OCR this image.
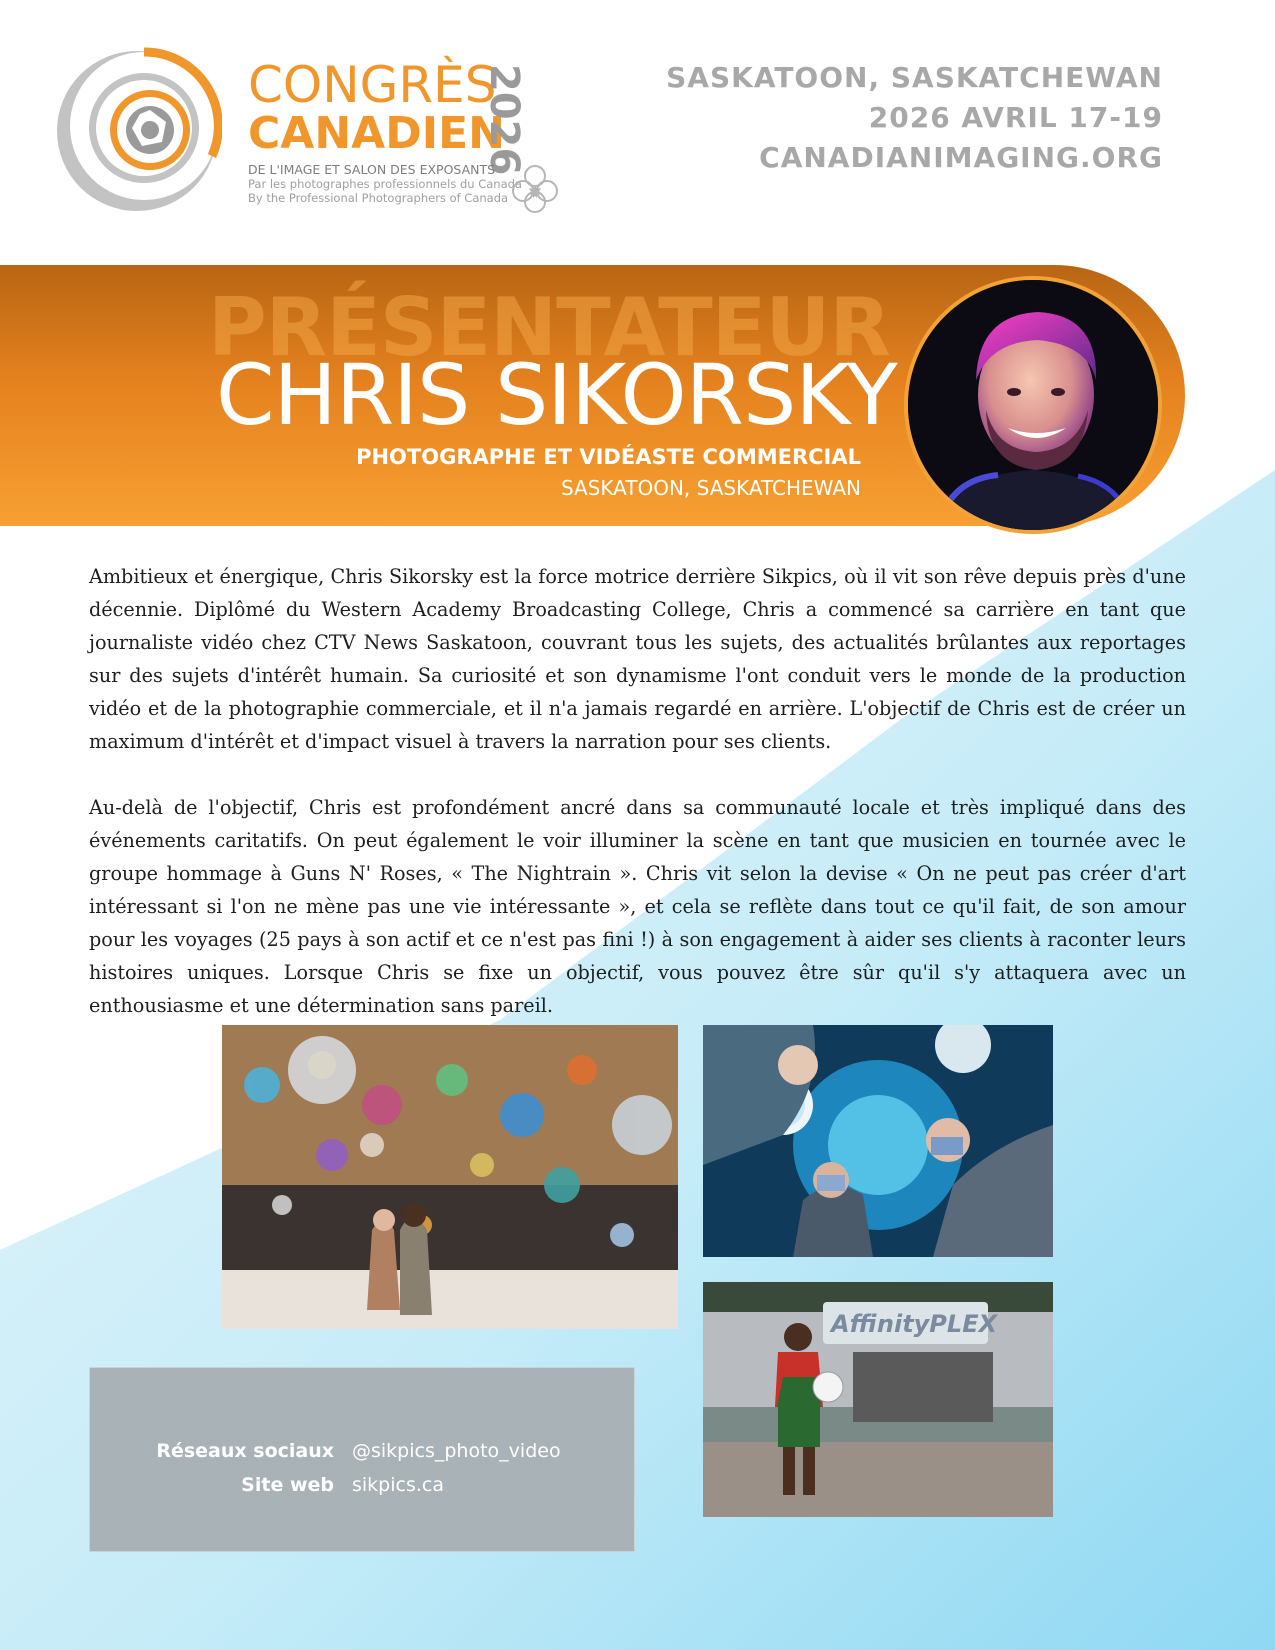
CONGRÈS
CANADIEN
2026
DE L'IMAGE ET SALON DES EXPOSANTS
Par les photographes professionnels du Canada
By the Professional Photographers of Canada
SASKATOON, SASKATCHEWAN
2026 AVRIL 17-19
CANADIANIMAGING.ORG
PRÉSENTATEUR
CHRIS SIKORSKY
PHOTOGRAPHE ET VIDÉASTE COMMERCIAL
SASKATOON, SASKATCHEWAN

Ambitieux et énergique, Chris Sikorsky est la force motrice derrière Sikpics, où il vit son rêve depuis près d'une décennie. Diplômé du Western Academy Broadcasting College, Chris a commencé sa carrière en tant que journaliste vidéo chez CTV News Saskatoon, couvrant tous les sujets, des actualités brûlantes aux reportages sur des sujets d'intérêt humain. Sa curiosité et son dynamisme l'ont conduit vers le monde de la production vidéo et de la photographie commerciale, et il n'a jamais regardé en arrière. L'objectif de Chris est de créer un maximum d'intérêt et d'impact visuel à travers la narration pour ses clients.

Au-delà de l'objectif, Chris est profondément ancré dans sa communauté locale et très impliqué dans des événements caritatifs. On peut également le voir illuminer la scène en tant que musicien en tournée avec le groupe hommage à Guns N' Roses, « The Nightrain ». Chris vit selon la devise « On ne peut pas créer d'art intéressant si l'on ne mène pas une vie intéressante », et cela se reflète dans tout ce qu'il fait, de son amour pour les voyages (25 pays à son actif et ce n'est pas fini !) à son engagement à aider ses clients à raconter leurs histoires uniques. Lorsque Chris se fixe un objectif, vous pouvez être sûr qu'il s'y attaquera avec un enthousiasme et une détermination sans pareil.

AffinityPLEX
Réseaux sociaux @sikpics_photo_video
Site web sikpics.ca
